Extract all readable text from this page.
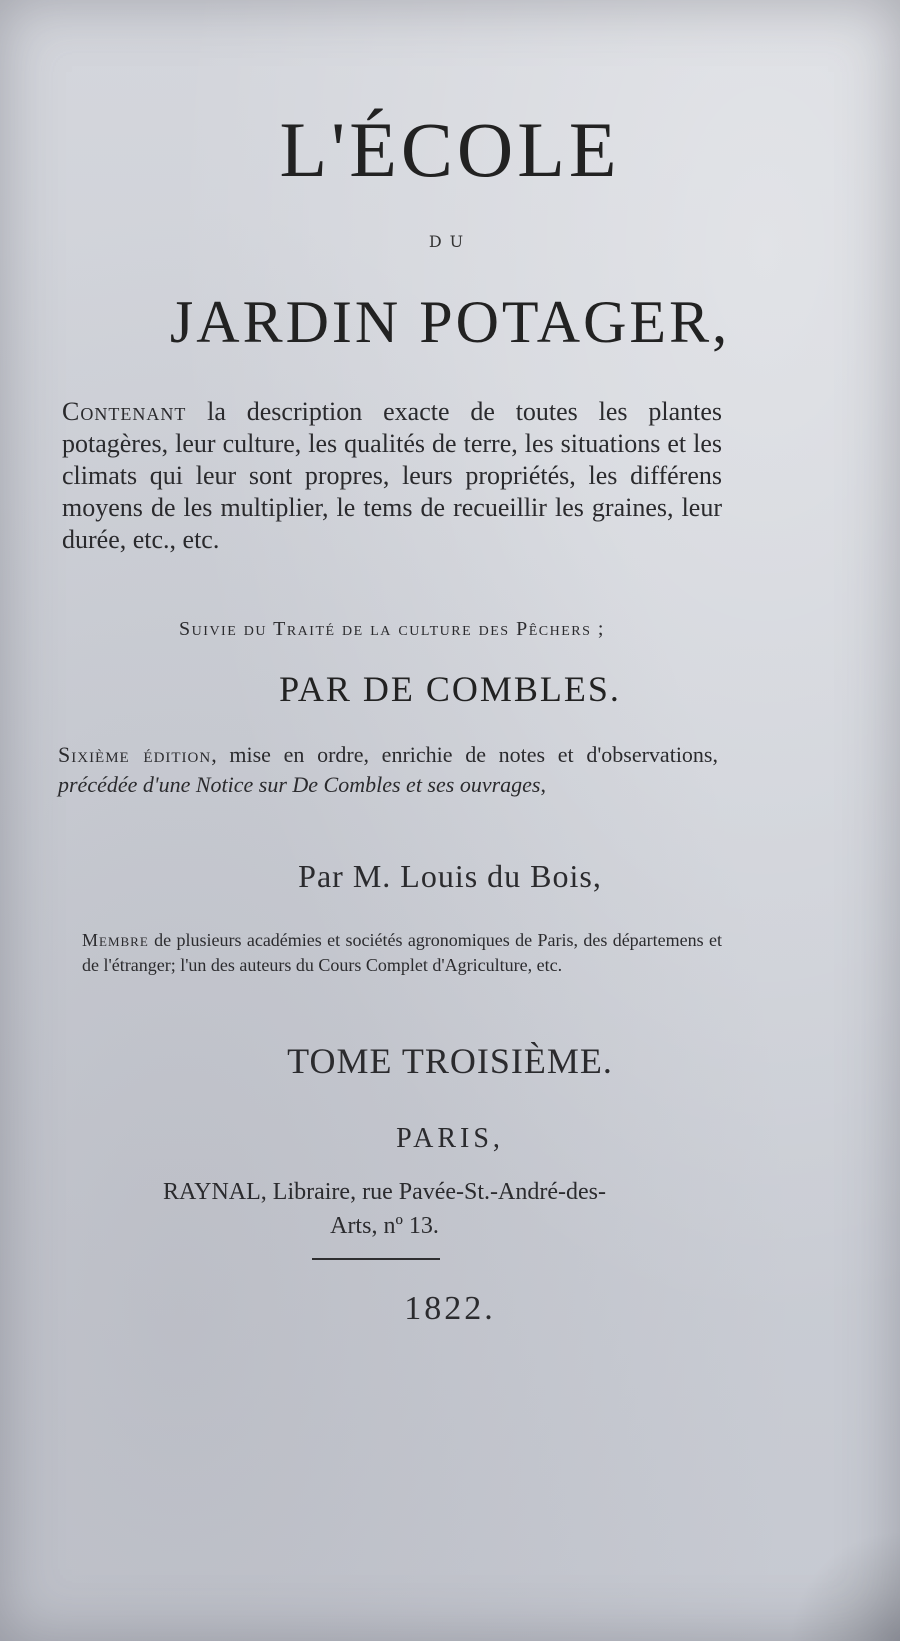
L'ÉCOLE
DU
JARDIN POTAGER,
Contenant la description exacte de toutes les plantes potagères, leur culture, les qualités de terre, les situations et les climats qui leur sont propres, leurs propriétés, les différens moyens de les multiplier, le tems de recueillir les graines, leur durée, etc., etc.
Suivie du Traité de la culture des Pêchers ;
PAR DE COMBLES.
Sixième édition, mise en ordre, enrichie de notes et d'observations, précédée d'une Notice sur De Combles et ses ouvrages,
Par M. Louis du Bois,
Membre de plusieurs académies et sociétés agronomiques de Paris, des départemens et de l'étranger; l'un des auteurs du Cours Complet d'Agriculture, etc.
TOME TROISIÈME.
PARIS,
RAYNAL, Libraire, rue Pavée-St.-André-des-
Arts, nº 13.
1822.
